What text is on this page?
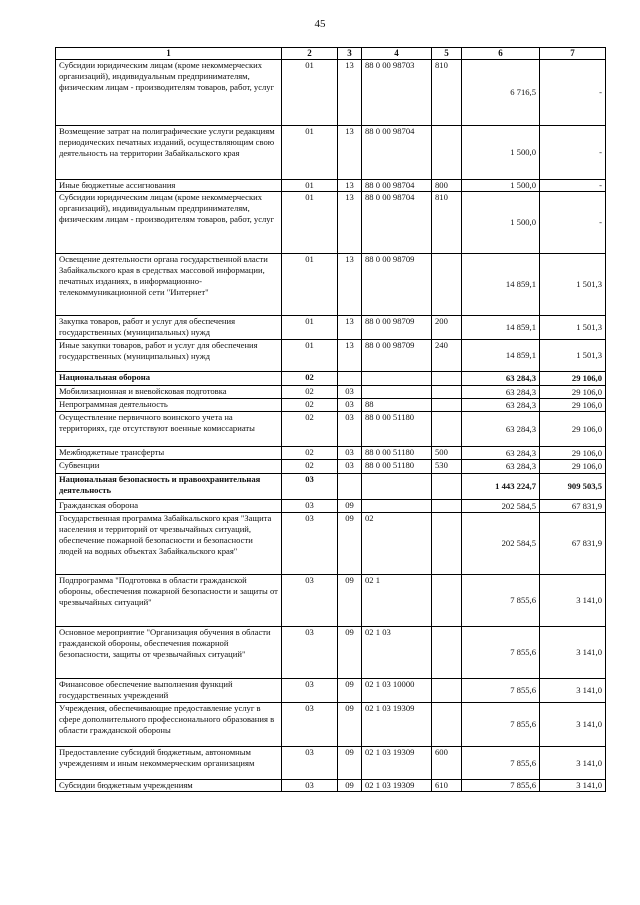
45
1	2	3	4	5	6	7
Субсидии юридическим лицам (кроме некоммерческих организаций), индивидуальным предпринимателям, физическим лицам - производителям товаров, работ, услуг	01	13	88 0 00 98703	810	6 716,5	-
Возмещение затрат на полиграфические услуги редакциям периодических печатных изданий, осуществляющим свою деятельность на территории Забайкальского края	01	13	88 0 00 98704		1 500,0	-
Иные бюджетные ассигнования	01	13	88 0 00 98704	800	1 500,0	-
Субсидии юридическим лицам (кроме некоммерческих организаций), индивидуальным предпринимателям, физическим лицам - производителям товаров, работ, услуг	01	13	88 0 00 98704	810	1 500,0	-
Освещение деятельности органа государственной власти Забайкальского края в средствах массовой информации, печатных изданиях, в информационно-телекоммуникационной сети "Интернет"	01	13	88 0 00 98709		14 859,1	1 501,3
Закупка товаров, работ и услуг для обеспечения государственных (муниципальных) нужд	01	13	88 0 00 98709	200	14 859,1	1 501,3
Иные закупки товаров, работ и услуг для обеспечения государственных (муниципальных) нужд	01	13	88 0 00 98709	240	14 859,1	1 501,3
Национальная оборона	02				63 284,3	29 106,0
Мобилизационная и вневойсковая подготовка	02	03			63 284,3	29 106,0
Непрограммная деятельность	02	03	88		63 284,3	29 106,0
Осуществление первичного воинского учета на территориях, где отсутствуют военные комиссариаты	02	03	88 0 00 51180		63 284,3	29 106,0
Межбюджетные трансферты	02	03	88 0 00 51180	500	63 284,3	29 106,0
Субвенции	02	03	88 0 00 51180	530	63 284,3	29 106,0
Национальная безопасность и правоохранительная деятельность	03				1 443 224,7	909 503,5
Гражданская оборона	03	09			202 584,5	67 831,9
Государственная программа Забайкальского края "Защита населения и территорий от чрезвычайных ситуаций, обеспечение пожарной безопасности и безопасности людей на водных объектах Забайкальского края"	03	09	02		202 584,5	67 831,9
Подпрограмма "Подготовка в области гражданской обороны, обеспечения пожарной безопасности и защиты от чрезвычайных ситуаций"	03	09	02 1		7 855,6	3 141,0
Основное мероприятие "Организация обучения в области гражданской обороны, обеспечения пожарной безопасности, защиты от чрезвычайных ситуаций"	03	09	02 1 03		7 855,6	3 141,0
Финансовое обеспечение выполнения функций государственных учреждений	03	09	02 1 03 10000		7 855,6	3 141,0
Учреждения, обеспечивающие предоставление услуг в сфере дополнительного профессионального образования в области гражданской обороны	03	09	02 1 03 19309		7 855,6	3 141,0
Предоставление субсидий бюджетным, автономным учреждениям и иным некоммерческим организациям	03	09	02 1 03 19309	600	7 855,6	3 141,0
Субсидии бюджетным учреждениям	03	09	02 1 03 19309	610	7 855,6	3 141,0
